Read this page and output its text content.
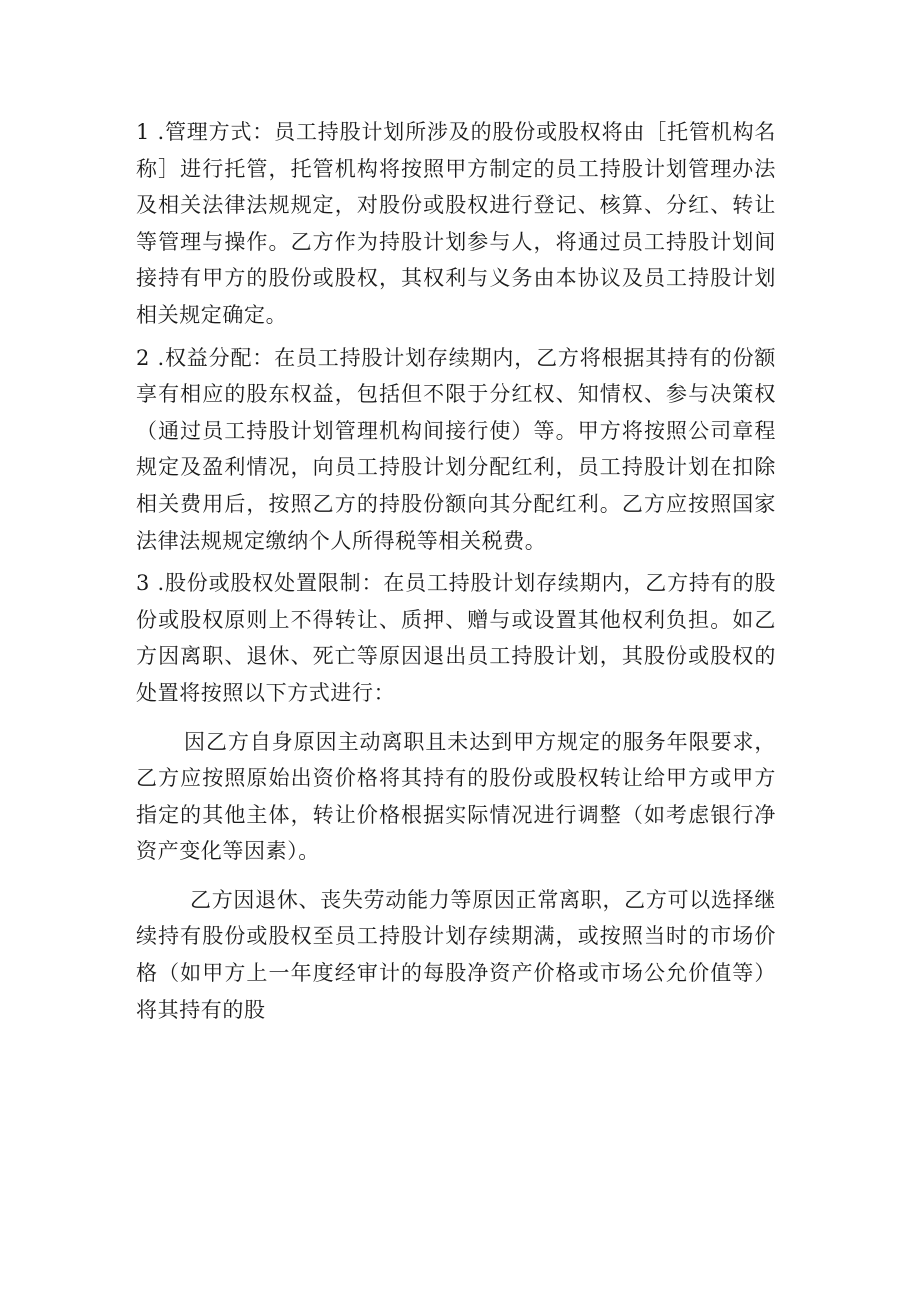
1 .管理方式：员工持股计划所涉及的股份或股权将由［托管机构名称］进行托管，托管机构将按照甲方制定的员工持股计划管理办法及相关法律法规规定，对股份或股权进行登记、核算、分红、转让等管理与操作。乙方作为持股计划参与人，将通过员工持股计划间接持有甲方的股份或股权，其权利与义务由本协议及员工持股计划相关规定确定。

2 .权益分配：在员工持股计划存续期内，乙方将根据其持有的份额享有相应的股东权益，包括但不限于分红权、知情权、参与决策权（通过员工持股计划管理机构间接行使）等。甲方将按照公司章程规定及盈利情况，向员工持股计划分配红利，员工持股计划在扣除相关费用后，按照乙方的持股份额向其分配红利。乙方应按照国家法律法规规定缴纳个人所得税等相关税费。

3 .股份或股权处置限制：在员工持股计划存续期内，乙方持有的股份或股权原则上不得转让、质押、赠与或设置其他权利负担。如乙方因离职、退休、死亡等原因退出员工持股计划，其股份或股权的处置将按照以下方式进行：

因乙方自身原因主动离职且未达到甲方规定的服务年限要求，乙方应按照原始出资价格将其持有的股份或股权转让给甲方或甲方指定的其他主体，转让价格根据实际情况进行调整（如考虑银行净资产变化等因素）。

乙方因退休、丧失劳动能力等原因正常离职，乙方可以选择继续持有股份或股权至员工持股计划存续期满，或按照当时的市场价格（如甲方上一年度经审计的每股净资产价格或市场公允价值等）将其持有的股
